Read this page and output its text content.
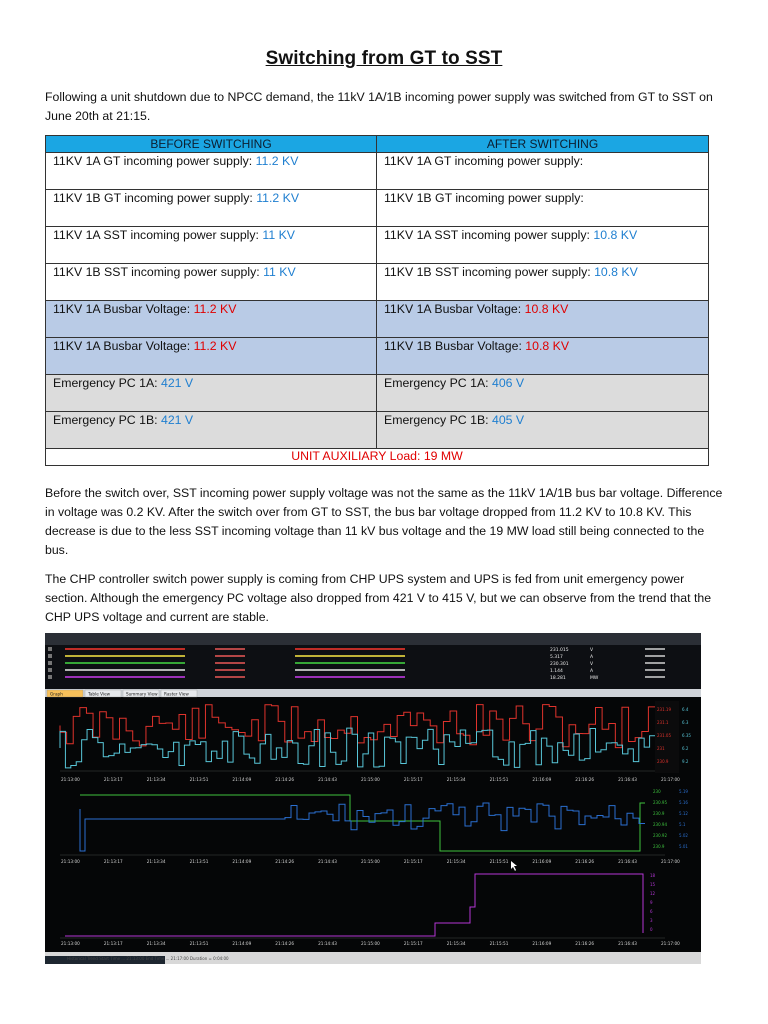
Switching from GT to SST

Following a unit shutdown due to NPCC demand, the 11kV 1A/1B incoming power supply was switched from GT to SST on June 20th at 21:15.

BEFORE SWITCHING	AFTER SWITCHING
11KV 1A GT incoming power supply: 11.2 KV	11KV 1A GT incoming power supply:
11KV 1B GT incoming power supply: 11.2 KV	11KV 1B GT incoming power supply:
11KV 1A SST incoming power supply: 11 KV	11KV 1A SST incoming power supply: 10.8 KV
11KV 1B SST incoming power supply: 11 KV	11KV 1B SST incoming power supply: 10.8 KV
11KV 1A Busbar Voltage: 11.2 KV	11KV 1A Busbar Voltage: 10.8 KV
11KV 1A Busbar Voltage: 11.2 KV	11KV 1B Busbar Voltage: 10.8 KV
Emergency PC 1A: 421 V	Emergency PC 1A: 406 V
Emergency PC 1B: 421 V	Emergency PC 1B: 405 V
UNIT AUXILIARY Load: 19 MW	

Before the switch over, SST incoming power supply voltage was not the same as the 11kV 1A/1B bus bar voltage. Difference in voltage was 0.2 KV. After the switch over from GT to SST, the bus bar voltage dropped from 11.2 KV to 10.8 KV. This decrease is due to the less SST incoming voltage than 11 kV bus voltage and the 19 MW load still being connected to the bus.

The CHP controller switch power supply is coming from CHP UPS system and UPS is fed from unit emergency power section. Although the emergency PC voltage also dropped from 421 V to 415 V, but we can observe from the trend that the CHP UPS voltage and current are stable.

Graph	Table View	Summary View Raster View
231.015	V
5.317	A
230.301	V
1.144	A
18.281	MW
21:13:00	21:13:17	21:13:34	21:13:51	21:14:09	21:14:26	21:14:43	21:15:00	21:15:17	21:15:34	21:15:51	21:16:09	21:16:26	21:16:43	21:17:00
231.19
231.1
231.05
231
230.9
6.4
6.3
6.35
6.2
9.2
21:13:00	21:13:17	21:13:34	21:13:51	21:14:09	21:14:26	21:14:43	21:15:00	21:15:17	21:15:34	21:15:51	21:16:09	21:16:26	21:16:43	21:17:00
230
230.95
230.9
230.94
230.92
230.9
5.19
5.16
5.12
5.1
5.02
5.01
21:13:00	21:13:17	21:13:34	21:13:51	21:14:09	21:14:26	21:14:43	21:15:00	21:15:17	21:15:34	21:15:51	21:16:09	21:16:26	21:16:43	21:17:00
18
15
12
9
6
3
0
Historical Trend Start Time ... 21:13:00 End Time ... 21:17:00 Duration = 0:04:00
